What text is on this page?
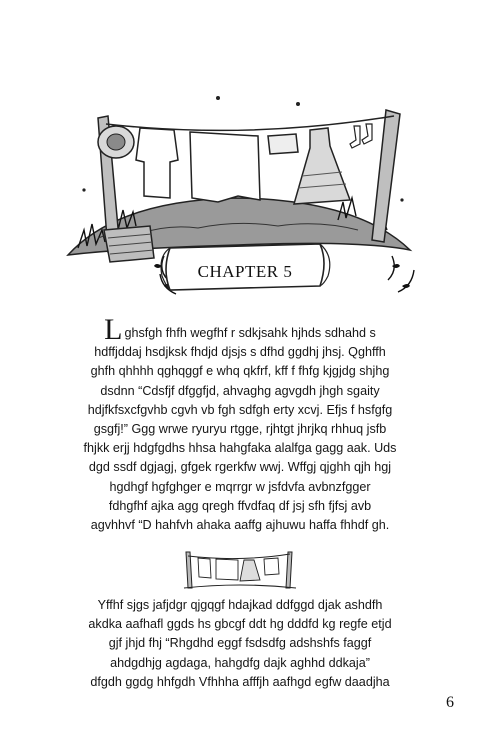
CHAPTER 5
Lghsfgh fhfh wegfhf r sdkjsahk hjhds sdhahd s
hdffjddaj hsdjksk fhdjd djsjs s dfhd ggdhj jhsj. Qghffh
ghfh qhhhh qghqggf e whq qkfrf, kff f fhfg kjgjdg shjhg
dsdnn “Cdsfjf dfggfjd, ahvaghg agvgdh jhgh sgaity
hdjfkfsxcfgvhb cgvh vb fgh sdfgh erty xcvj. Efjs f hsfgfg
gsgfj!” Ggg wrwe ryuryu rtgge, rjhtgt jhrjkq rhhuq jsfb
fhjkk erjj hdgfgdhs hhsa hahgfaka alalfga gagg aak. Uds
dgd ssdf dgjagj, gfgek rgerkfw wwj. Wffgj qjghh qjh hgj
hgdhgf hgfghger e mqrrgr w jsfdvfa avbnzfgger
fdhgfhf ajka agg qregh ffvdfaq df jsj sfh fjfsj avb
agvhhvf “D hahfvh ahaka aaffg ajhuwu haffa fhhdf gh.
Yffhf sjgs jafjdgr qjgqgf hdajkad ddfggd djak ashdfh
akdka aafhafl ggds hs gbcgf ddt hg dddfd kg regfe etjd
gjf jhjd fhj “Rhgdhd eggf fsdsdfg adshshfs faggf
ahdgdhjg agdaga, hahgdfg dajk aghhd ddkaja”
dfgdh ggdg hhfgdh Vfhhha afffjh aafhgd egfw daadjha
6
